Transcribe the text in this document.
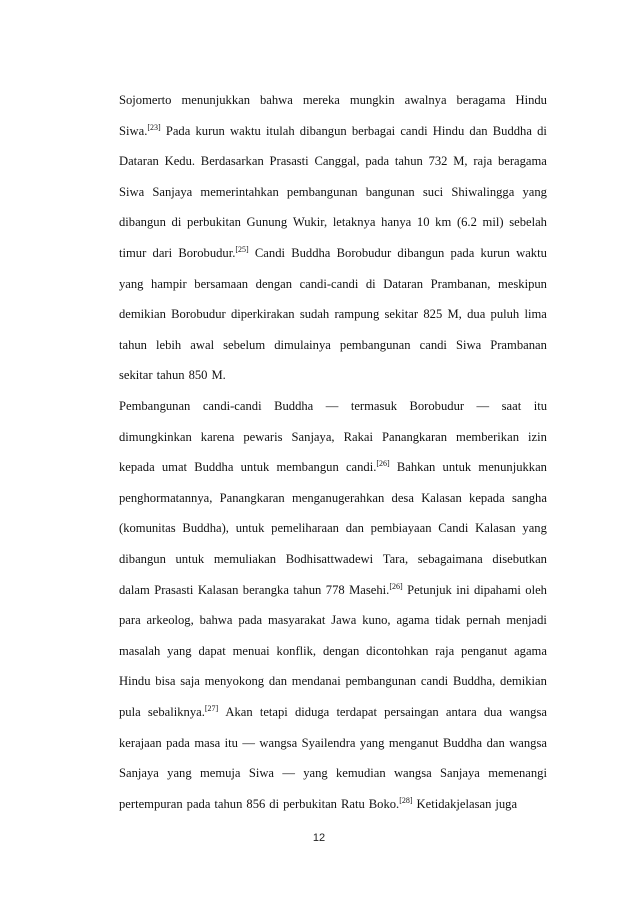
Sojomerto menunjukkan bahwa mereka mungkin awalnya beragama Hindu
Siwa.[23] Pada kurun waktu itulah dibangun berbagai candi Hindu dan Buddha di
Dataran Kedu. Berdasarkan Prasasti Canggal, pada tahun 732 M, raja beragama
Siwa Sanjaya memerintahkan pembangunan bangunan suci Shiwalingga yang
dibangun di perbukitan Gunung Wukir, letaknya hanya 10 km (6.2 mil) sebelah
timur dari Borobudur.[25] Candi Buddha Borobudur dibangun pada kurun waktu
yang hampir bersamaan dengan candi-candi di Dataran Prambanan, meskipun
demikian Borobudur diperkirakan sudah rampung sekitar 825 M, dua puluh lima
tahun lebih awal sebelum dimulainya pembangunan candi Siwa Prambanan
sekitar tahun 850 M.
Pembangunan candi-candi Buddha — termasuk Borobudur — saat itu
dimungkinkan karena pewaris Sanjaya, Rakai Panangkaran memberikan izin
kepada umat Buddha untuk membangun candi.[26] Bahkan untuk menunjukkan
penghormatannya, Panangkaran menganugerahkan desa Kalasan kepada sangha
(komunitas Buddha), untuk pemeliharaan dan pembiayaan Candi Kalasan yang
dibangun untuk memuliakan Bodhisattwadewi Tara, sebagaimana disebutkan
dalam Prasasti Kalasan berangka tahun 778 Masehi.[26] Petunjuk ini dipahami oleh
para arkeolog, bahwa pada masyarakat Jawa kuno, agama tidak pernah menjadi
masalah yang dapat menuai konflik, dengan dicontohkan raja penganut agama
Hindu bisa saja menyokong dan mendanai pembangunan candi Buddha, demikian
pula sebaliknya.[27] Akan tetapi diduga terdapat persaingan antara dua wangsa
kerajaan pada masa itu — wangsa Syailendra yang menganut Buddha dan wangsa
Sanjaya yang memuja Siwa — yang kemudian wangsa Sanjaya memenangi
pertempuran pada tahun 856 di perbukitan Ratu Boko.[28] Ketidakjelasan juga
12
